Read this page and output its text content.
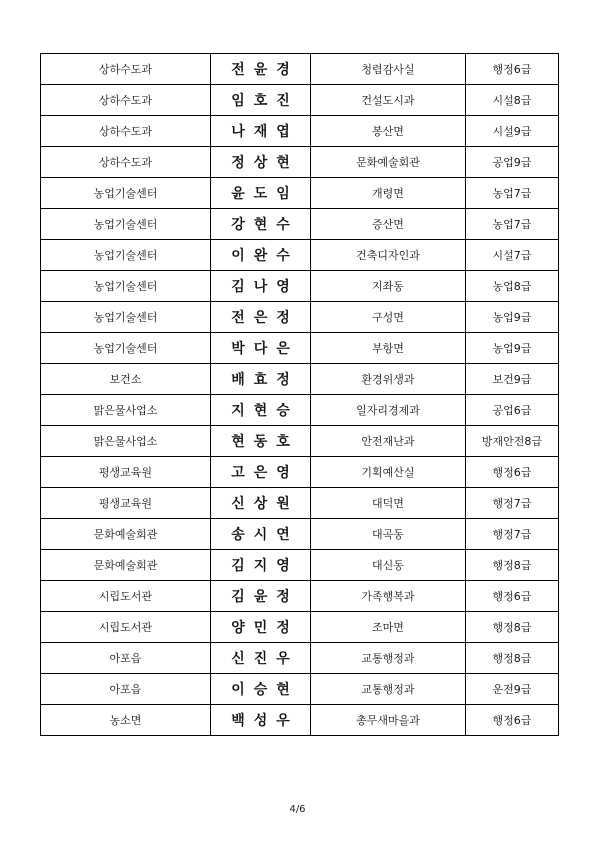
상하수도과	전윤경	청렴감사실	행정6급
상하수도과	임호진	건설도시과	시설8급
상하수도과	나재엽	봉산면	시설9급
상하수도과	정상현	문화예술회관	공업9급
농업기술센터	윤도임	개령면	농업7급
농업기술센터	강현수	증산면	농업7급
농업기술센터	이완수	건축디자인과	시설7급
농업기술센터	김나영	지좌동	농업8급
농업기술센터	전은정	구성면	농업9급
농업기술센터	박다은	부항면	농업9급
보건소	배효정	환경위생과	보건9급
맑은물사업소	지현승	일자리경제과	공업6급
맑은물사업소	현동호	안전재난과	방재안전8급
평생교육원	고은영	기획예산실	행정6급
평생교육원	신상원	대덕면	행정7급
문화예술회관	송시연	대곡동	행정7급
문화예술회관	김지영	대신동	행정8급
시립도서관	김윤정	가족행복과	행정6급
시립도서관	양민정	조마면	행정8급
아포읍	신진우	교통행정과	행정8급
아포읍	이승현	교통행정과	운전9급
농소면	백성우	총무새마을과	행정6급
4/6
